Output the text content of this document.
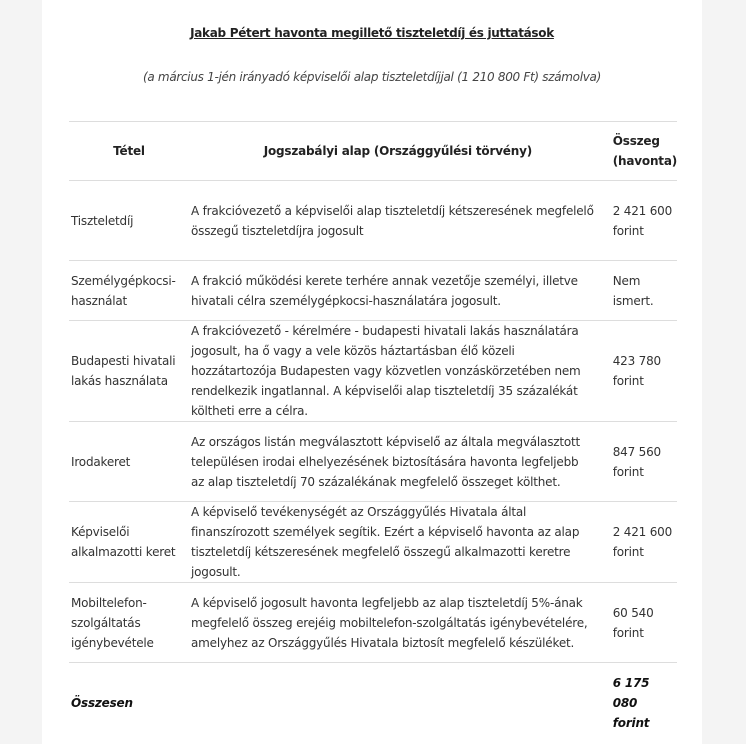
Jakab Pétert havonta megillető tiszteletdíj és juttatások
(a március 1-jén irányadó képviselői alap tiszteletdíjjal (1 210 800 Ft) számolva)
Tétel	Jogszabályi alap (Országgyűlési törvény)	Összeg (havonta)
Tiszteletdíj	A frakcióvezető a képviselői alap tiszteletdíj kétszeresének megfelelő összegű tiszteletdíjra jogosult	2 421 600 forint
Személygépkocsi-használat	A frakció működési kerete terhére annak vezetője személyi, illetve hivatali célra személygépkocsi-használatára jogosult.	Nem ismert.
Budapesti hivatali lakás használata	A frakcióvezető - kérelmére - budapesti hivatali lakás használatára jogosult, ha ő vagy a vele közös háztartásban élő közeli hozzátartozója Budapesten vagy közvetlen vonzáskörzetében nem rendelkezik ingatlannal. A képviselői alap tiszteletdíj 35 százalékát költheti erre a célra.	423 780 forint
Irodakeret	Az országos listán megválasztott képviselő az általa megválasztott településen irodai elhelyezésének biztosítására havonta legfeljebb az alap tiszteletdíj 70 százalékának megfelelő összeget költhet.	847 560 forint
Képviselői alkalmazotti keret	A képviselő tevékenységét az Országgyűlés Hivatala által finanszírozott személyek segítik. Ezért a képviselő havonta az alap tiszteletdíj kétszeresének megfelelő összegű alkalmazotti keretre jogosult.	2 421 600 forint
Mobiltelefon-szolgáltatás igénybevétele	A képviselő jogosult havonta legfeljebb az alap tiszteletdíj 5%-ának megfelelő összeg erejéig mobiltelefon-szolgáltatás igénybevételére, amelyhez az Országgyűlés Hivatala biztosít megfelelő készüléket.	60 540 forint
Összesen		6 175 080 forint
